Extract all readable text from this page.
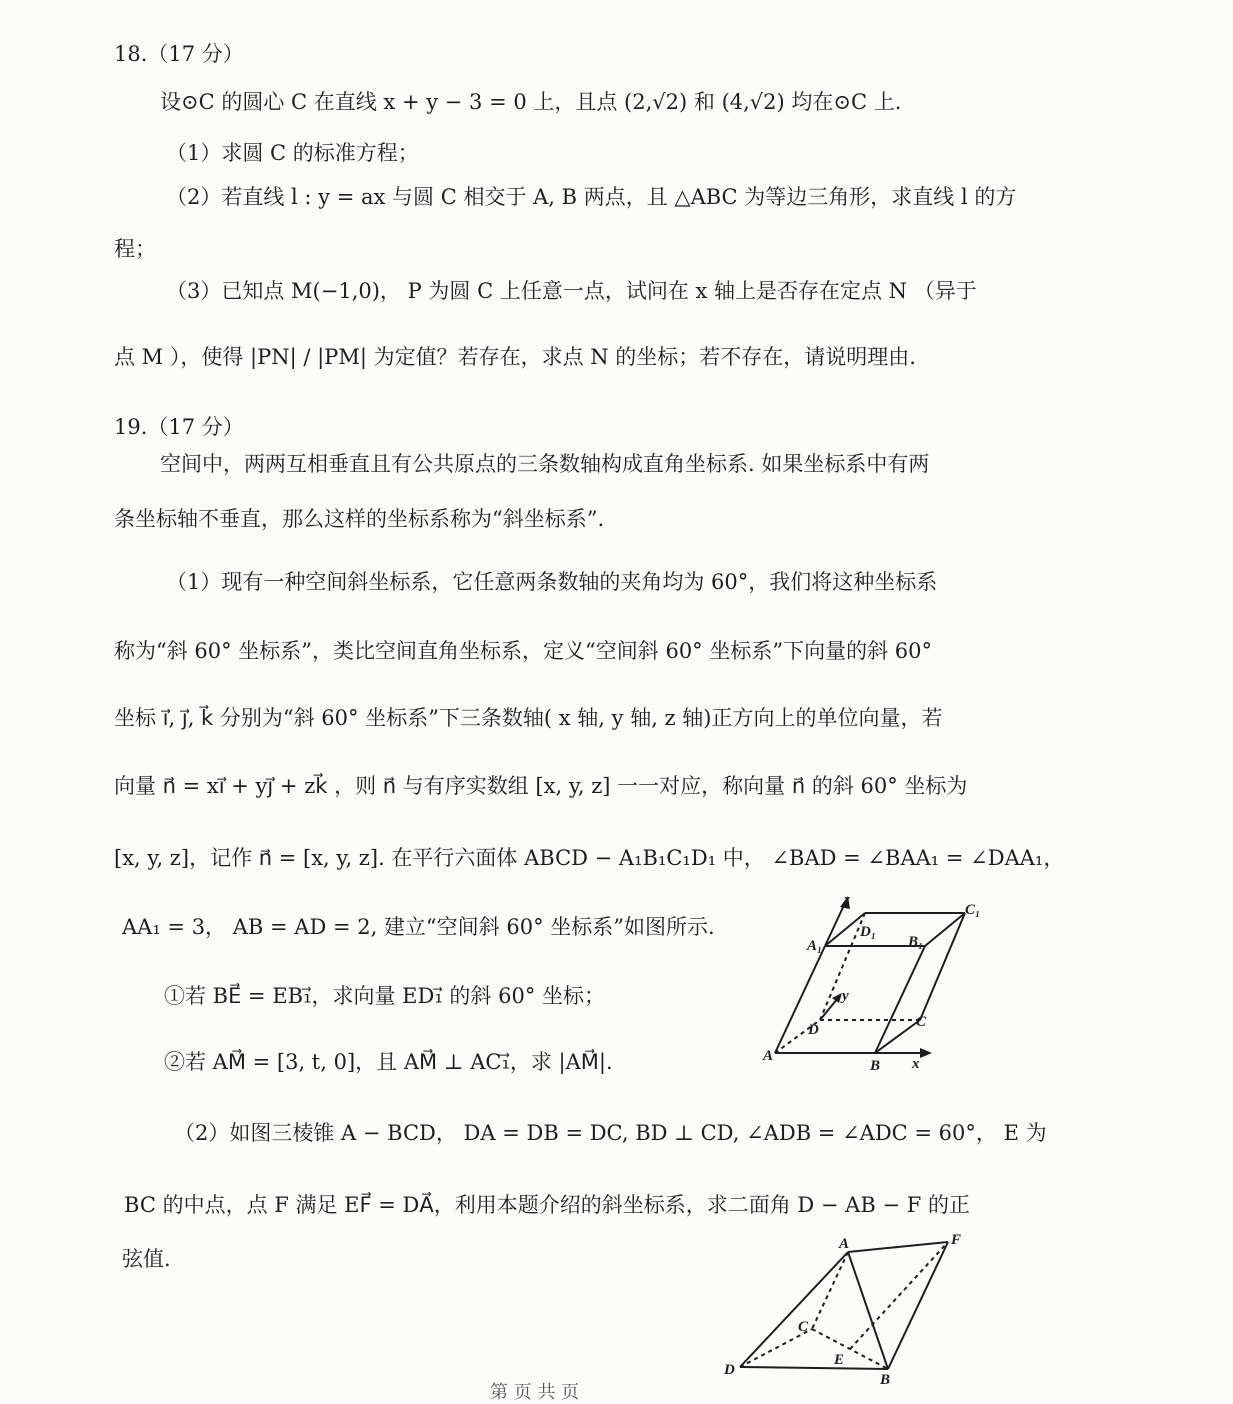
18.（17 分）
设⊙C 的圆心 C 在直线 x + y − 3 = 0 上，且点 (2,√2) 和 (4,√2) 均在⊙C 上.
（1）求圆 C 的标准方程；
（2）若直线 l : y = ax 与圆 C 相交于 A, B 两点，且 △ABC 为等边三角形，求直线 l 的方
程；
（3）已知点 M(−1,0)， P 为圆 C 上任意一点，试问在 x 轴上是否存在定点 N （异于
点 M ），使得 |PN| / |PM| 为定值？若存在，求点 N 的坐标；若不存在，请说明理由.
19.（17 分）
空间中，两两互相垂直且有公共原点的三条数轴构成直角坐标系. 如果坐标系中有两
条坐标轴不垂直，那么这样的坐标系称为“斜坐标系”.
（1）现有一种空间斜坐标系，它任意两条数轴的夹角均为 60°，我们将这种坐标系
称为“斜 60° 坐标系”，类比空间直角坐标系，定义“空间斜 60° 坐标系”下向量的斜 60°
坐标 i⃗, j⃗, k⃗ 分别为“斜 60° 坐标系”下三条数轴( x 轴, y 轴, z 轴)正方向上的单位向量，若
向量 n⃗ = xi⃗ + yj⃗ + zk⃗ ，则 n⃗ 与有序实数组 [x, y, z] 一一对应，称向量 n⃗ 的斜 60° 坐标为
[x, y, z]，记作 n⃗ = [x, y, z]. 在平行六面体 ABCD − A₁B₁C₁D₁ 中， ∠BAD = ∠BAA₁ = ∠DAA₁，
AA₁ = 3， AB = AD = 2, 建立“空间斜 60° 坐标系”如图所示.
①若 BE⃗ = EB₁⃗，求向量 ED₁⃗ 的斜 60° 坐标；
②若 AM⃗ = [3, t, 0]，且 AM⃗ ⊥ AC₁⃗，求 |AM⃗|.
（2）如图三棱锥 A − BCD， DA = DB = DC, BD ⊥ CD, ∠ADB = ∠ADC = 60°， E 为
BC 的中点，点 F 满足 EF⃗ = DA⃗，利用本题介绍的斜坐标系，求二面角 D − AB − F 的正
弦值.
z
A₁
D₁
B₁
C₁
y
D	C
A
B x
A	F
C
E
D
B
第 页 共 页
